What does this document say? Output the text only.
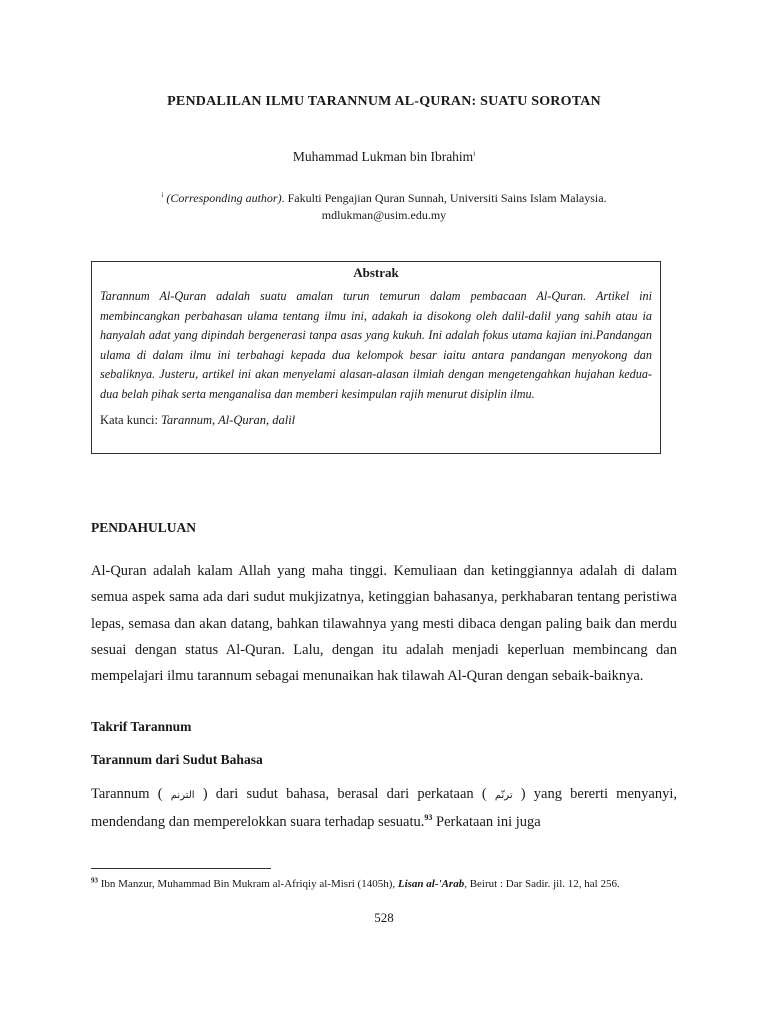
PENDALILAN ILMU TARANNUM AL-QURAN: SUATU SOROTAN
Muhammad Lukman bin Ibrahim$^i$
$^i$ (Corresponding author). Fakulti Pengajian Quran Sunnah, Universiti Sains Islam Malaysia.
mdlukman@usim.edu.my
Abstrak
Tarannum Al-Quran adalah suatu amalan turun temurun dalam pembacaan Al-Quran. Artikel ini membincangkan perbahasan ulama tentang ilmu ini, adakah ia disokong oleh dalil-dalil yang sahih atau ia hanyalah adat yang dipindah bergenerasi tanpa asas yang kukuh. Ini adalah fokus utama kajian ini.Pandangan ulama di dalam ilmu ini terbahagi kepada dua kelompok besar iaitu antara pandangan menyokong dan sebaliknya. Justeru, artikel ini akan menyelami alasan-alasan ilmiah dengan mengetengahkan hujahan kedua-dua belah pihak serta menganalisa dan memberi kesimpulan rajih menurut disiplin ilmu.
Kata kunci: Tarannum, Al-Quran, dalil
PENDAHULUAN
Al-Quran adalah kalam Allah yang maha tinggi. Kemuliaan dan ketinggiannya adalah di dalam semua aspek sama ada dari sudut mukjizatnya, ketinggian bahasanya, perkhabaran tentang peristiwa lepas, semasa dan akan datang, bahkan tilawahnya yang mesti dibaca dengan paling baik dan merdu sesuai dengan status Al-Quran. Lalu, dengan itu adalah menjadi keperluan membincang dan mempelajari ilmu tarannum sebagai menunaikan hak tilawah Al-Quran dengan sebaik-baiknya.
Takrif Tarannum
Tarannum dari Sudut Bahasa
Tarannum ( الترنم ) dari sudut bahasa, berasal dari perkataan ( ترنّم ) yang bererti menyanyi, mendendang dan memperelokkan suara terhadap sesuatu.$^{93}$ Perkataan ini juga
$^{93}$ Ibn Manzur, Muhammad Bin Mukram al-Afriqiy al-Misri (1405h), Lisan al-'Arab, Beirut : Dar Sadir. jil. 12, hal 256.
528
